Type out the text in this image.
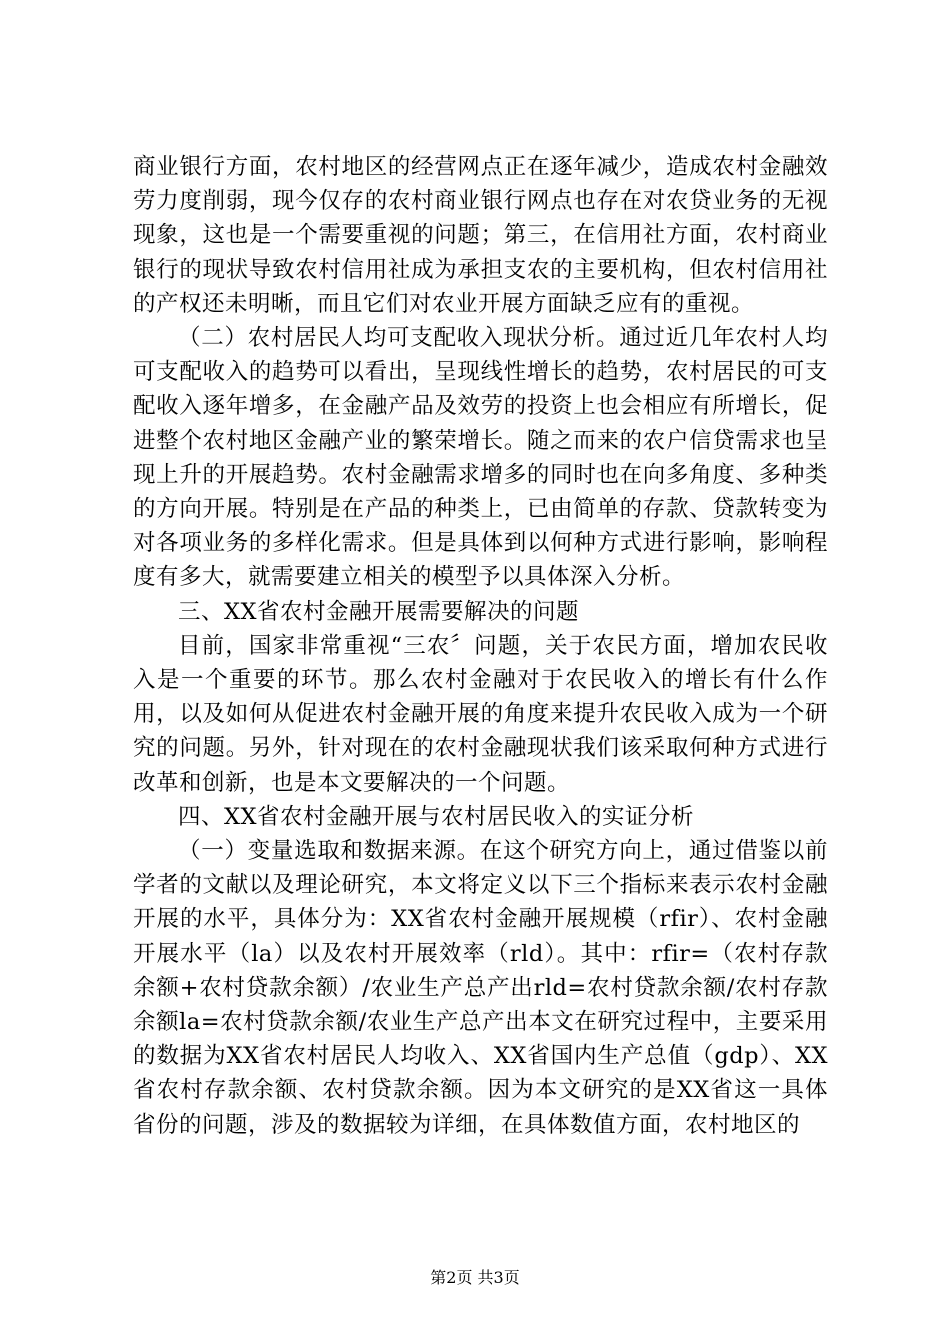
商业银行方面，农村地区的经营网点正在逐年减少，造成农村金融效劳力度削弱，现今仅存的农村商业银行网点也存在对农贷业务的无视现象，这也是一个需要重视的问题；第三，在信用社方面，农村商业银行的现状导致农村信用社成为承担支农的主要机构，但农村信用社的产权还未明晰，而且它们对农业开展方面缺乏应有的重视。

（二）农村居民人均可支配收入现状分析。通过近几年农村人均可支配收入的趋势可以看出，呈现线性增长的趋势，农村居民的可支配收入逐年增多，在金融产品及效劳的投资上也会相应有所增长，促进整个农村地区金融产业的繁荣增长。随之而来的农户信贷需求也呈现上升的开展趋势。农村金融需求增多的同时也在向多角度、多种类的方向开展。特别是在产品的种类上，已由简单的存款、贷款转变为对各项业务的多样化需求。但是具体到以何种方式进行影响，影响程度有多大，就需要建立相关的模型予以具体深入分析。

三、XX省农村金融开展需要解决的问题

目前，国家非常重视“三农〞问题，关于农民方面，增加农民收入是一个重要的环节。那么农村金融对于农民收入的增长有什么作用，以及如何从促进农村金融开展的角度来提升农民收入成为一个研究的问题。另外，针对现在的农村金融现状我们该采取何种方式进行改革和创新，也是本文要解决的一个问题。

四、XX省农村金融开展与农村居民收入的实证分析

（一）变量选取和数据来源。在这个研究方向上，通过借鉴以前学者的文献以及理论研究，本文将定义以下三个指标来表示农村金融开展的水平，具体分为：XX省农村金融开展规模（rfir）、农村金融开展水平（la）以及农村开展效率（rld）。其中：rfir=（农村存款余额+农村贷款余额）/农业生产总产出rld=农村贷款余额/农村存款余额la=农村贷款余额/农业生产总产出本文在研究过程中，主要采用的数据为XX省农村居民人均收入、XX省国内生产总值（gdp）、XX省农村存款余额、农村贷款余额。因为本文研究的是XX省这一具体省份的问题，涉及的数据较为详细，在具体数值方面，农村地区的

第2页 共3页
